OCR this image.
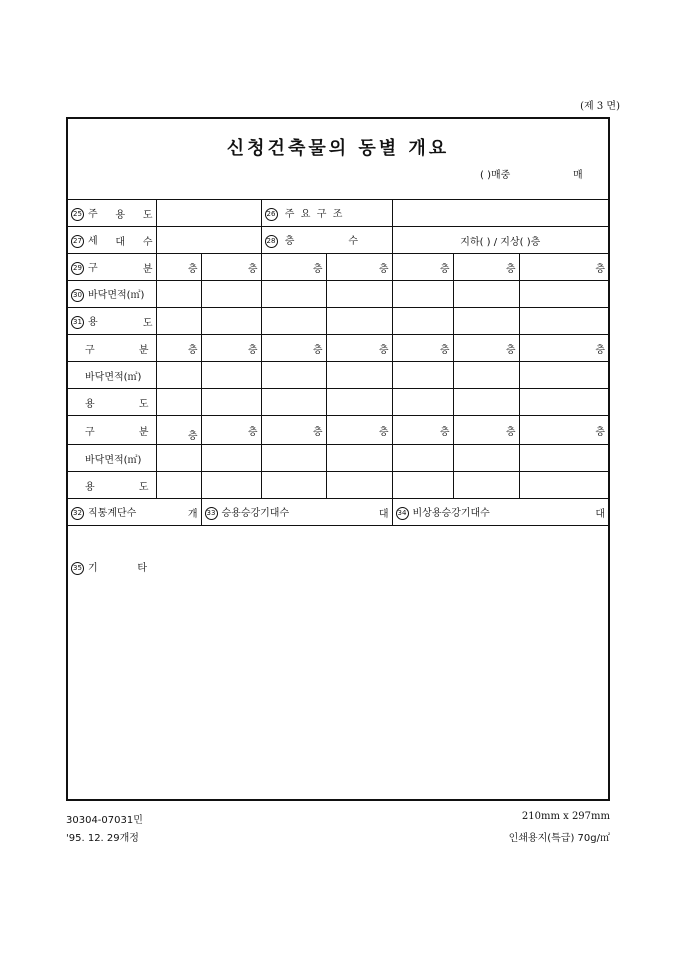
(제 3 면)
신청건축물의 동별 개요
( )매중	매
25 주 용 도			26 주 요 구 조				

27 세 대 수			28 층 수		지하( ) / 지상( )층		

29 구 분	층	층	층	층	층	층	층
30 바닥면적(㎡)							

31 용 도							

구 분	층	층	층	층	층	층	층
바닥면적(㎡)							

용 도							

구 분	층	층	층	층	층	층	층
바닥면적(㎡)							

용 도							

32 직통계단수 개		33 승용승강기대수 대			34 비상용승강기대수 대		
35 기	타
30304-07031민
'95. 12. 29개정
210mm x 297mm
인쇄용지(특급) 70g/㎡
